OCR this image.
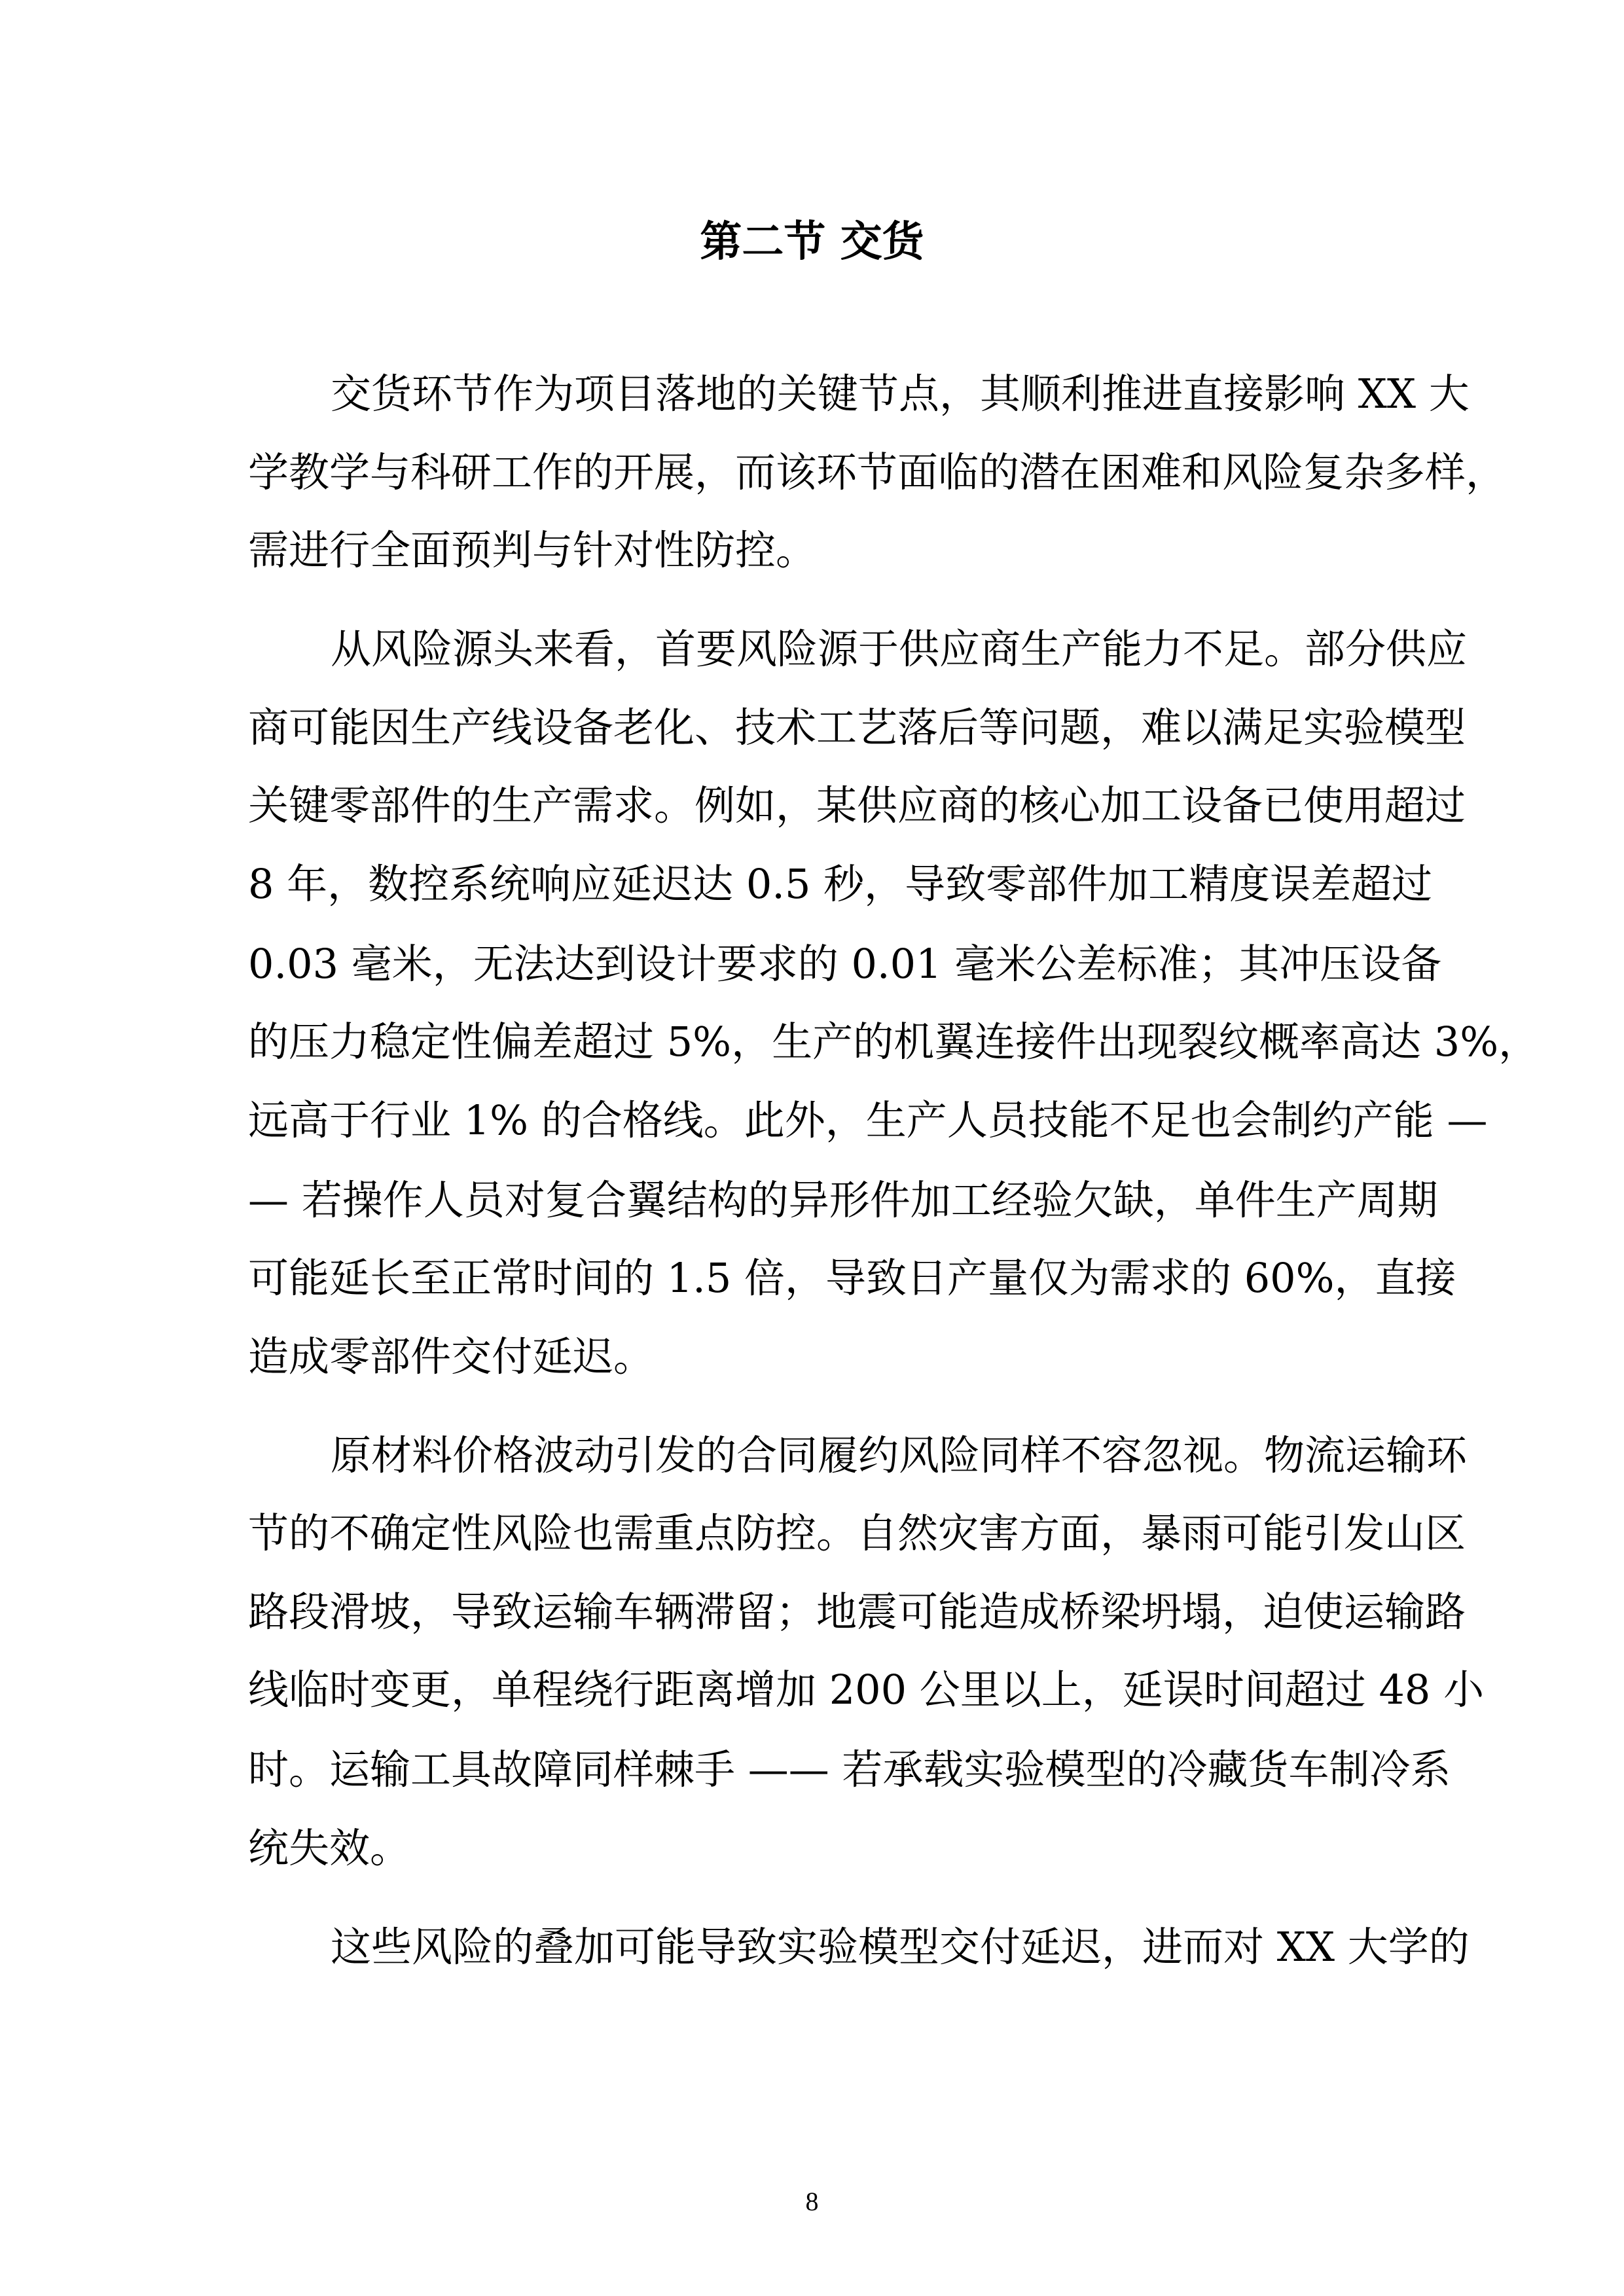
第二节 交货
交货环节作为项目落地的关键节点，其顺利推进直接影响 XX 大
学教学与科研工作的开展，而该环节面临的潜在困难和风险复杂多样，
需进行全面预判与针对性防控。
从风险源头来看，首要风险源于供应商生产能力不足。部分供应
商可能因生产线设备老化、技术工艺落后等问题，难以满足实验模型
关键零部件的生产需求。例如，某供应商的核心加工设备已使用超过
8 年，数控系统响应延迟达 0.5 秒，导致零部件加工精度误差超过
0.03 毫米，无法达到设计要求的 0.01 毫米公差标准；其冲压设备
的压力稳定性偏差超过 5%，生产的机翼连接件出现裂纹概率高达 3%，
远高于行业 1% 的合格线。此外，生产人员技能不足也会制约产能 —
— 若操作人员对复合翼结构的异形件加工经验欠缺，单件生产周期
可能延长至正常时间的 1.5 倍，导致日产量仅为需求的 60%，直接
造成零部件交付延迟。
原材料价格波动引发的合同履约风险同样不容忽视。物流运输环
节的不确定性风险也需重点防控。自然灾害方面，暴雨可能引发山区
路段滑坡，导致运输车辆滞留；地震可能造成桥梁坍塌，迫使运输路
线临时变更，单程绕行距离增加 200 公里以上，延误时间超过 48 小
时。运输工具故障同样棘手 —— 若承载实验模型的冷藏货车制冷系
统失效。
这些风险的叠加可能导致实验模型交付延迟，进而对 XX 大学的
8
